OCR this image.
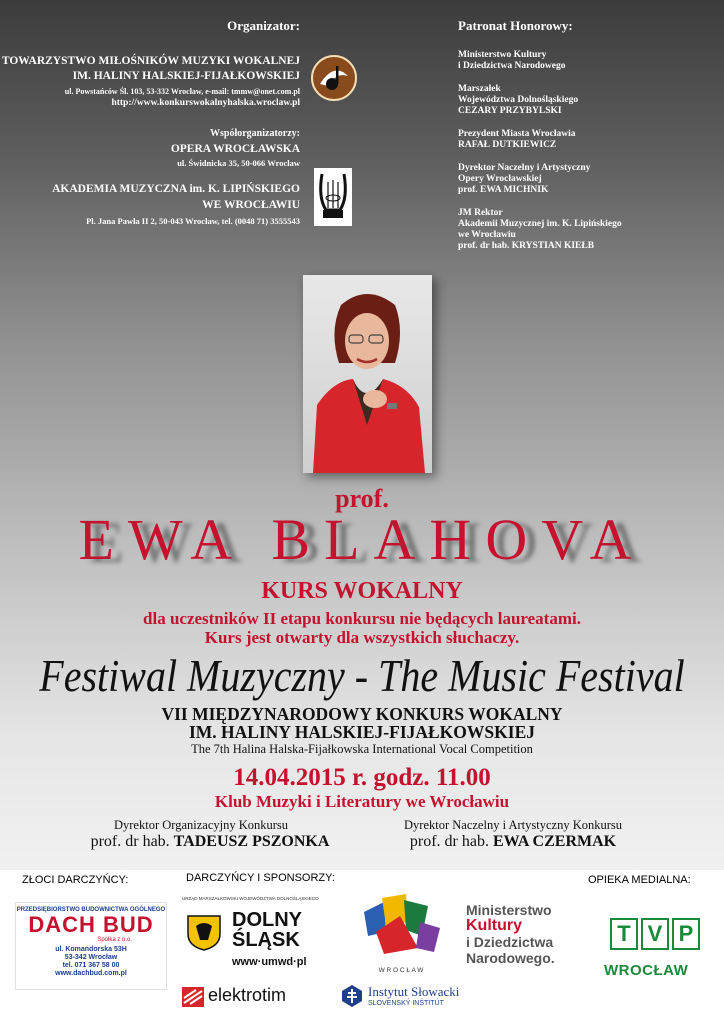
Organizator:
TOWARZYSTWO MIŁOŚNIKÓW MUZYKI WOKALNEJ
IM. HALINY HALSKIEJ-FIJAŁKOWSKIEJ
ul. Powstańców Śl. 103, 53-332 Wrocław, e-mail: tmmw@onet.com.pl
http://www.konkurswokalnyhalska.wroclaw.pl
Współorganizatorzy:
OPERA WROCŁAWSKA
ul. Świdnicka 35, 50-066 Wrocław
AKADEMIA MUZYCZNA im. K. LIPIŃSKIEGO
WE WROCŁAWIU
Pl. Jana Pawła II 2, 50-043 Wrocław, tel. (0048 71) 3555543
Patronat Honorowy:
Ministerstwo Kultury
i Dziedzictwa Narodowego
Marszałek
Województwa Dolnośląskiego
CEZARY PRZYBYLSKI
Prezydent Miasta Wrocławia
RAFAŁ DUTKIEWICZ
Dyrektor Naczelny i Artystyczny
Opery Wrocławskiej
prof. EWA MICHNIK
JM Rektor
Akademii Muzycznej im. K. Lipińskiego
we Wrocławiu
prof. dr hab. KRYSTIAN KIEŁB
prof.
EWA BLAHOVA
KURS WOKALNY
dla uczestników II etapu konkursu nie będących laureatami.
Kurs jest otwarty dla wszystkich słuchaczy.
Festiwal Muzyczny - The Music Festival
VII MIĘDZYNARODOWY KONKURS WOKALNY
IM. HALINY HALSKIEJ-FIJAŁKOWSKIEJ
The 7th Halina Halska-Fijałkowska International Vocal Competition
14.04.2015 r. godz. 11.00
Klub Muzyki i Literatury we Wrocławiu
Dyrektor Organizacyjny Konkursu
prof. dr hab. TADEUSZ PSZONKA
Dyrektor Naczelny i Artystyczny Konkursu
prof. dr hab. EWA CZERMAK
ZŁOCI DARCZYŃCY:	DARCZYŃCY I SPONSORZY:	OPIEKA MEDIALNA:
PRZEDSIĘBIORSTWO BUDOWNICTWA OGÓLNEGO
DACH BUD
Spółka z o.o.
ul. Komandorska 53H
53-342 Wrocław
tel. 071 367 58 00
www.dachbud.com.pl
URZĄD MARSZAŁKOWSKI WOJEWÓDZTWA DOLNOŚLĄSKIEGO
DOLNY
ŚLĄSK
www·umwd·pl
elektrotim
W R O C Ł A W
Instytut Słowacki
SLOVENSKÝ INŠTITÚT
Ministerstwo
Kultury
i Dziedzictwa
Narodowego.
T V P
WROCŁAW
